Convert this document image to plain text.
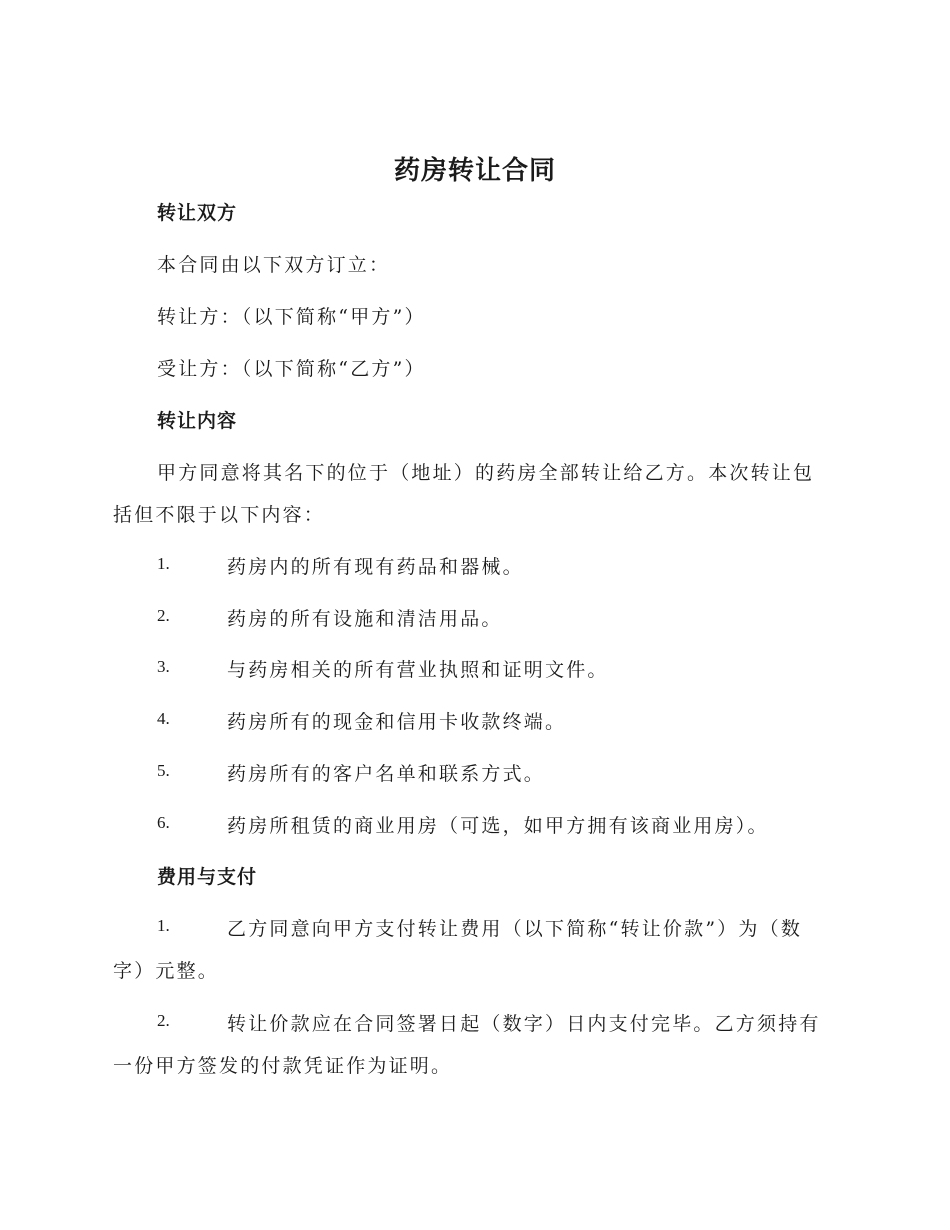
药房转让合同
转让双方
本合同由以下双方订立：
转让方：（以下简称“甲方”）
受让方：（以下简称“乙方”）
转让内容
甲方同意将其名下的位于（地址）的药房全部转让给乙方。本次转让包
括但不限于以下内容：
1.	药房内的所有现有药品和器械。
2.	药房的所有设施和清洁用品。
3.	与药房相关的所有营业执照和证明文件。
4.	药房所有的现金和信用卡收款终端。
5.	药房所有的客户名单和联系方式。
6.	药房所租赁的商业用房（可选，如甲方拥有该商业用房）。
费用与支付
1.	乙方同意向甲方支付转让费用（以下简称“转让价款”）为（数
字）元整。
2.	转让价款应在合同签署日起（数字）日内支付完毕。乙方须持有
一份甲方签发的付款凭证作为证明。
